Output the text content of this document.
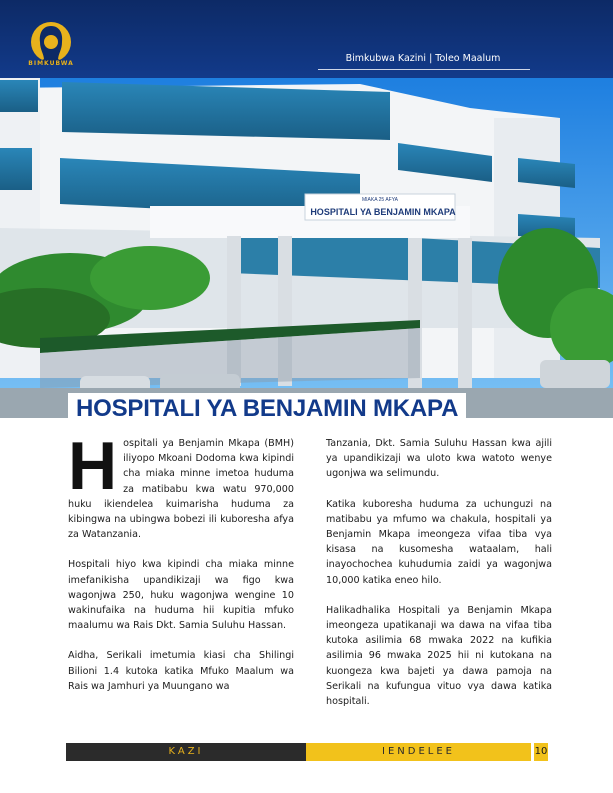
BIMKUBWA	Bimkubwa Kazini | Toleo Maalum
MIAKA 25 AFYA
HOSPITALI YA BENJAMIN MKAPA
HOSPITALI YA BENJAMIN MKAPA

Hospitali ya Benjamin Mkapa (BMH) iliyopo Mkoani Dodoma kwa kipindi cha miaka minne imetoa huduma za matibabu kwa watu 970,000 huku ikiendelea kuimarisha huduma za kibingwa na ubingwa bobezi ili kuboresha afya za Watanzania.

Hospitali hiyo kwa kipindi cha miaka minne imefanikisha upandikizaji wa figo kwa wagonjwa 250, huku wagonjwa wengine 10 wakinufaika na huduma hii kupitia mfuko maalumu wa Rais Dkt. Samia Suluhu Hassan.

Aidha, Serikali imetumia kiasi cha Shilingi Bilioni 1.4 kutoka katika Mfuko Maalum wa Rais wa Jamhuri ya Muungano wa

Tanzania, Dkt. Samia Suluhu Hassan kwa ajili ya upandikizaji wa uloto kwa watoto wenye ugonjwa wa selimundu.

Katika kuboresha huduma za uchunguzi na matibabu ya mfumo wa chakula, hospitali ya Benjamin Mkapa imeongeza vifaa tiba vya kisasa na kusomesha wataalam, hali inayochochea kuhudumia zaidi ya wagonjwa 10,000 katika eneo hilo.

Halikadhalika Hospitali ya Benjamin Mkapa imeongeza upatikanaji wa dawa na vifaa tiba kutoka asilimia 68 mwaka 2022 na kufikia asilimia 96 mwaka 2025 hii ni kutokana na kuongeza kwa bajeti ya dawa pamoja na Serikali na kufungua vituo vya dawa katika hospitali.

KAZI	IENDELEE	10
